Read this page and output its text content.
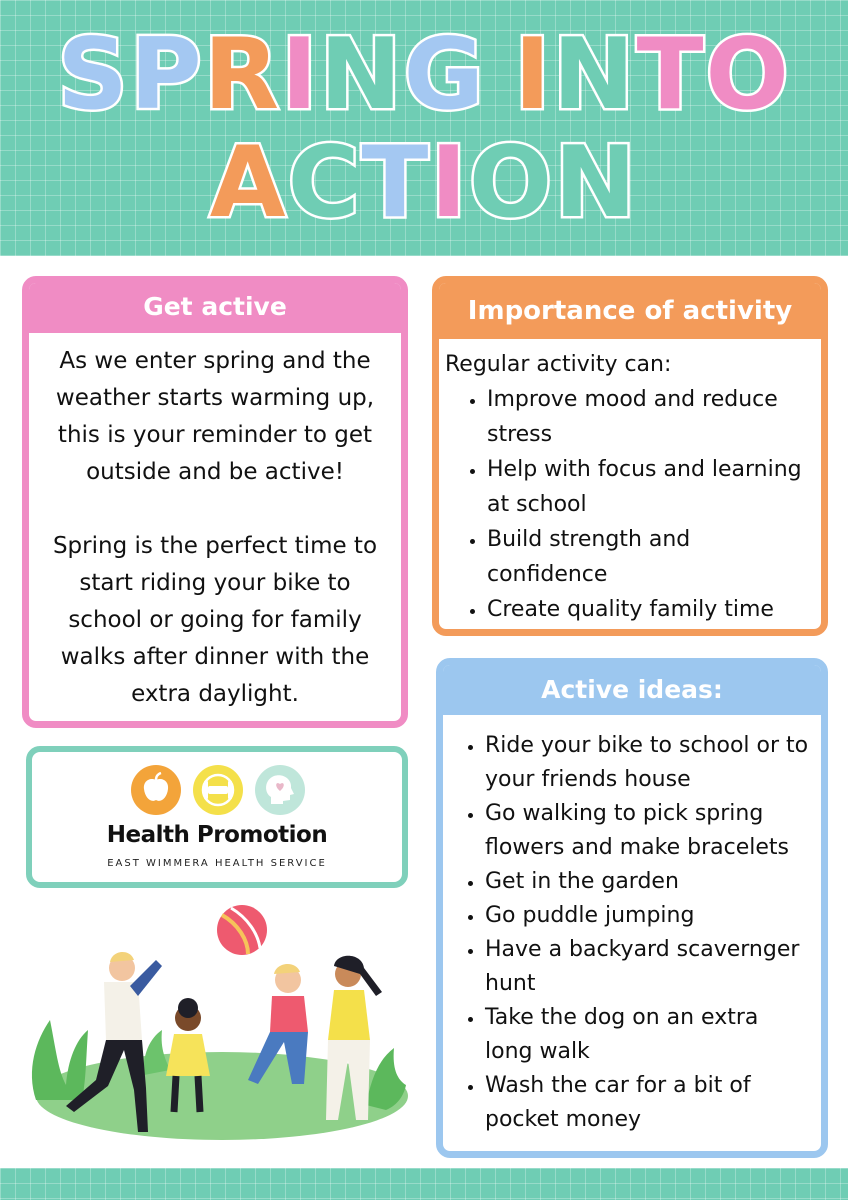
SPRING INTO
ACTION
Get active

As we enter spring and the weather starts warming up, this is your reminder to get outside and be active!

Spring is the perfect time to start riding your bike to school or going for family walks after dinner with the extra daylight.

Importance of activity

Regular activity can:

• Improve mood and reduce stress
• Help with focus and learning at school
• Build strength and confidence
• Create quality family time
Health Promotion
EAST WIMMERA HEALTH SERVICE
Active ideas:
• Ride your bike to school or to your friends house
• Go walking to pick spring flowers and make bracelets
• Get in the garden
• Go puddle jumping
• Have a backyard scavernger hunt
• Take the dog on an extra long walk
• Wash the car for a bit of pocket money
